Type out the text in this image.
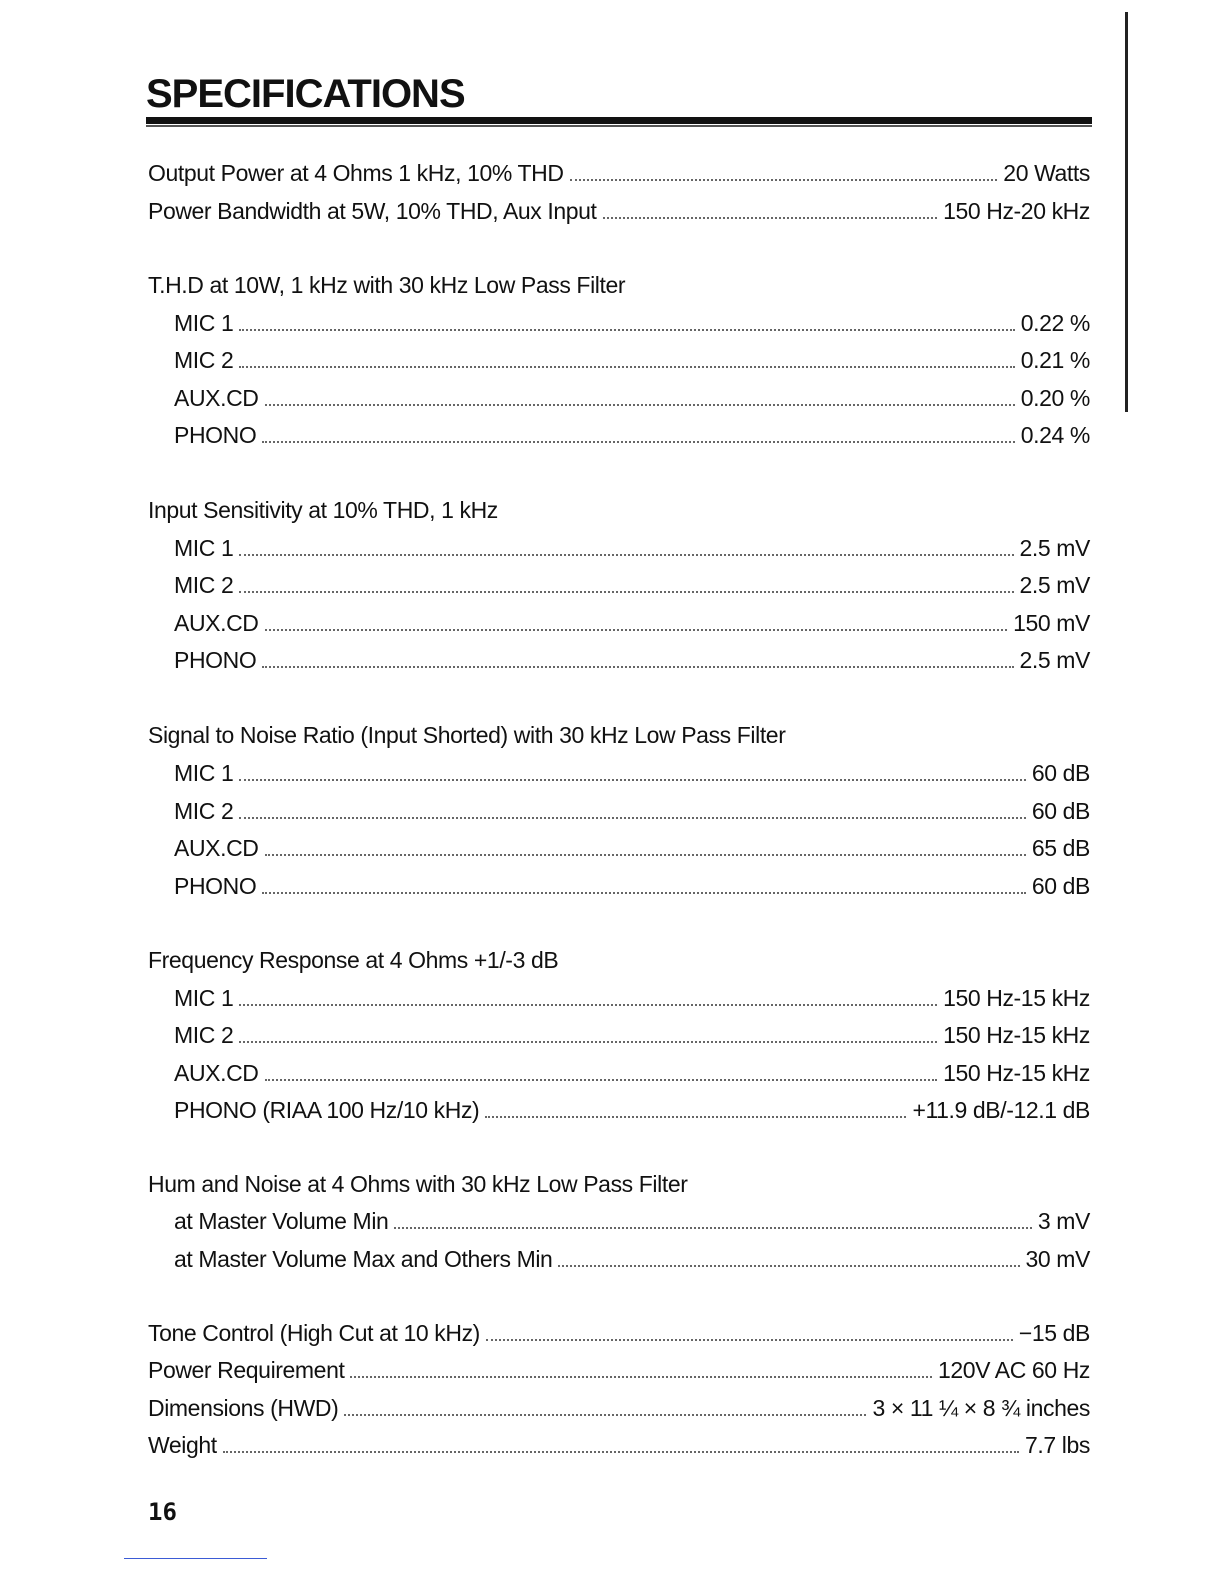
SPECIFICATIONS
Output Power at 4 Ohms 1 kHz, 10% THD	20 Watts
Power Bandwidth at 5W, 10% THD, Aux Input	150 Hz-20 kHz
T.H.D at 10W, 1 kHz with 30 kHz Low Pass Filter
MIC 1	0.22 %
MIC 2	0.21 %
AUX.CD	0.20 %
PHONO	0.24 %
Input Sensitivity at 10% THD, 1 kHz
MIC 1	2.5 mV
MIC 2	2.5 mV
AUX.CD	150 mV
PHONO	2.5 mV
Signal to Noise Ratio (Input Shorted) with 30 kHz Low Pass Filter
MIC 1	60 dB
MIC 2	60 dB
AUX.CD	65 dB
PHONO	60 dB
Frequency Response at 4 Ohms +1/-3 dB
MIC 1	150 Hz-15 kHz
MIC 2	150 Hz-15 kHz
AUX.CD	150 Hz-15 kHz
PHONO (RIAA 100 Hz/10 kHz)	+11.9 dB/-12.1 dB
Hum and Noise at 4 Ohms with 30 kHz Low Pass Filter
at Master Volume Min	3 mV
at Master Volume Max and Others Min	30 mV
Tone Control (High Cut at 10 kHz)	−15 dB
Power Requirement	120V AC 60 Hz
Dimensions (HWD)	3 × 11 ¼ × 8 ¾ inches
Weight	7.7 lbs
16
